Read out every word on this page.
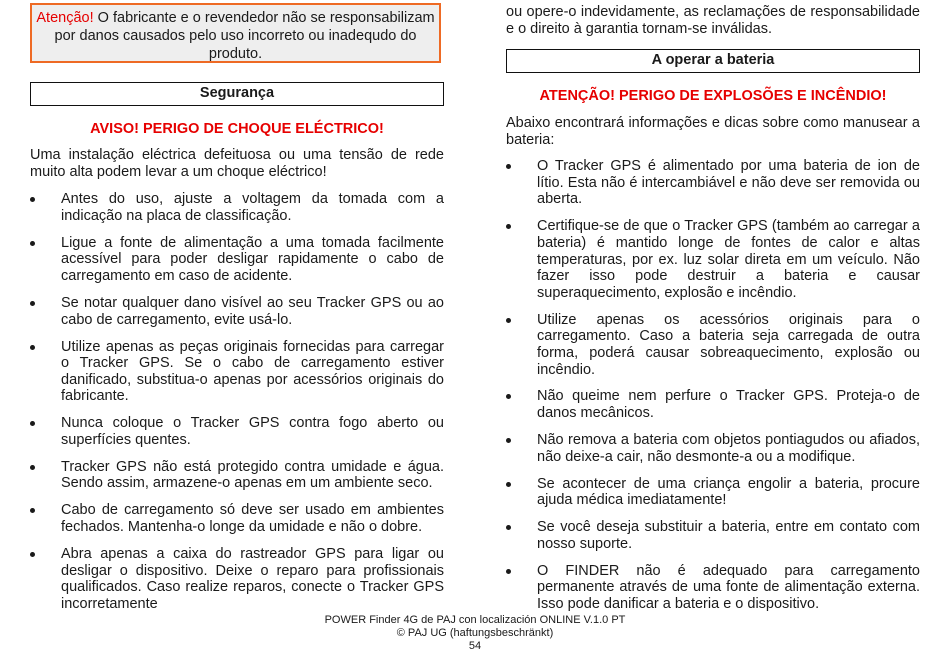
Atenção! O fabricante e o revendedor não se responsabilizam por danos causados pelo uso incorreto ou inadequdo do produto.
Segurança
AVISO! PERIGO DE CHOQUE ELÉCTRICO!

Uma instalação eléctrica defeituosa ou uma tensão de rede muito alta podem levar a um choque eléctrico!

Antes do uso, ajuste a voltagem da tomada com a indicação na placa de classificação.
Ligue a fonte de alimentação a uma tomada facilmente acessível para poder desligar rapidamente o cabo de carregamento em caso de acidente.
Se notar qualquer dano visível ao seu Tracker GPS ou ao cabo de carregamento, evite usá-lo.
Utilize apenas as peças originais fornecidas para carregar o Tracker GPS. Se o cabo de carregamento estiver danificado, substitua-o apenas por acessórios originais do fabricante.
Nunca coloque o Tracker GPS contra fogo aberto ou superfícies quentes.
Tracker GPS não está protegido contra umidade e água. Sendo assim, armazene-o apenas em um ambiente seco.
Cabo de carregamento só deve ser usado em ambientes fechados. Mantenha-o longe da umidade e não o dobre.
Abra apenas a caixa do rastreador GPS para ligar ou desligar o dispositivo. Deixe o reparo para profissionais qualificados. Caso realize reparos, conecte o Tracker GPS incorretamente

ou opere-o indevidamente, as reclamações de responsabilidade e o direito à garantia tornam-se inválidas.

A operar a bateria
ATENÇÃO! PERIGO DE EXPLOSÕES E INCÊNDIO!

Abaixo encontrará informações e dicas sobre como manusear a bateria:

O Tracker GPS é alimentado por uma bateria de ion de lítio. Esta não é intercambiável e não deve ser removida ou aberta.
Certifique-se de que o Tracker GPS (também ao carregar a bateria) é mantido longe de fontes de calor e altas temperaturas, por ex. luz solar direta em um veículo. Não fazer isso pode destruir a bateria e causar superaquecimento, explosão e incêndio.
Utilize apenas os acessórios originais para o carregamento. Caso a bateria seja carregada de outra forma, poderá causar sobreaquecimento, explosão ou incêndio.
Não queime nem perfure o Tracker GPS. Proteja-o de danos mecânicos.
Não remova a bateria com objetos pontiagudos ou afiados, não deixe-a cair, não desmonte-a ou a modifique.
Se acontecer de uma criança engolir a bateria, procure ajuda médica imediatamente!
Se você deseja substituir a bateria, entre em contato com nosso suporte.
O FINDER não é adequado para carregamento permanente através de uma fonte de alimentação externa. Isso pode danificar a bateria e o dispositivo.
POWER Finder 4G de PAJ con localización ONLINE V.1.0 PT
© PAJ UG (haftungsbeschränkt)
54
